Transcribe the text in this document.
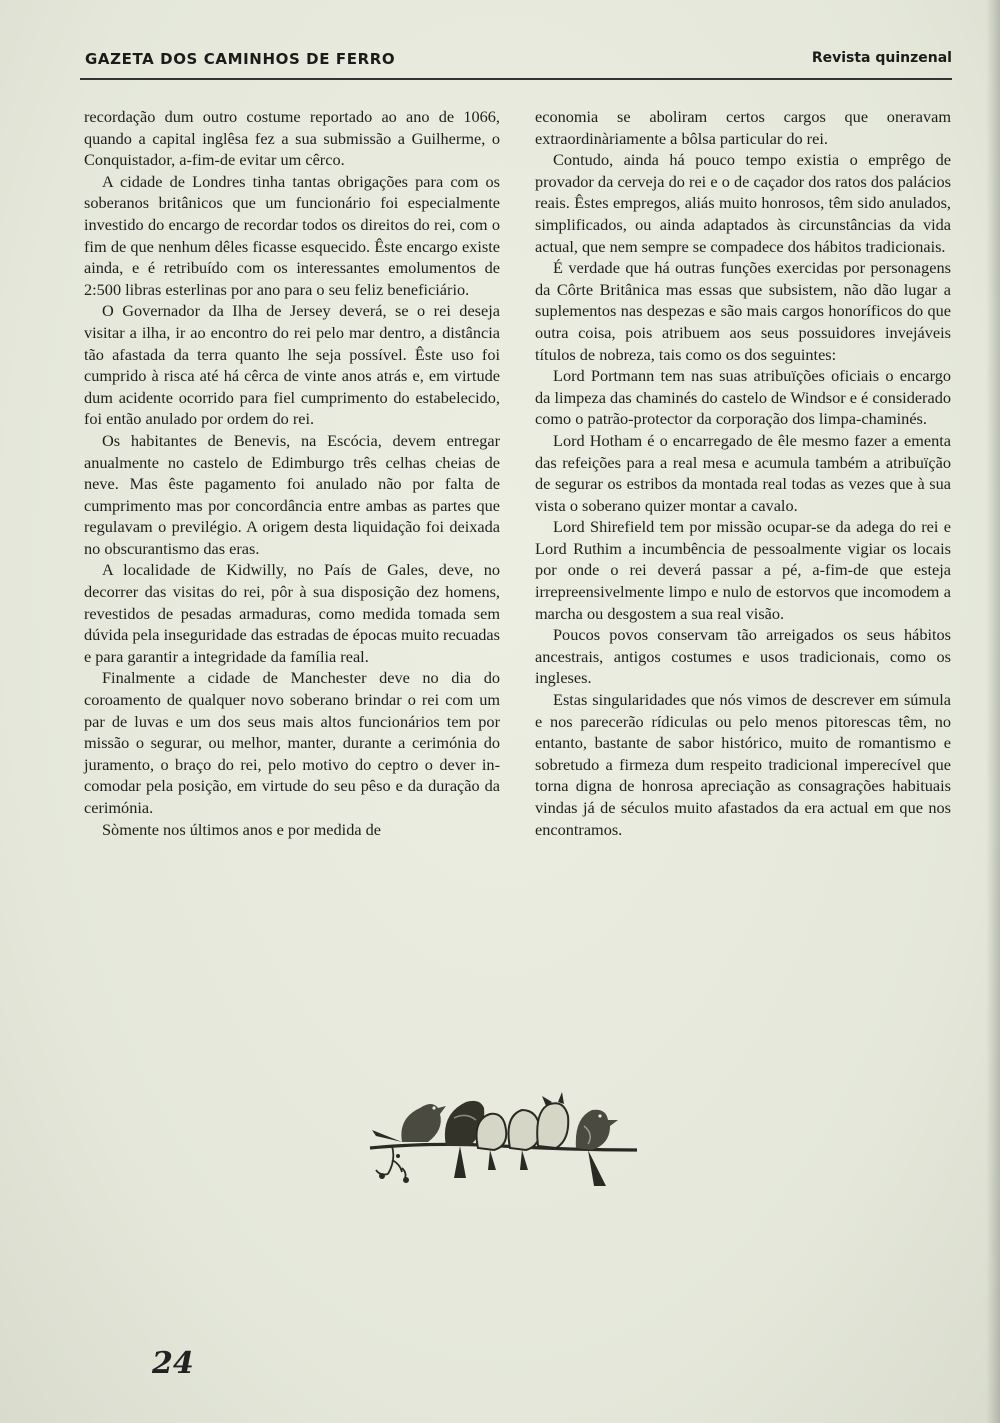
GAZETA DOS CAMINHOS DE FERRO	Revista quinzenal

recordação dum outro costume reportado ao ano de 1066, quando a capital inglêsa fez a sua submissão a Guilherme, o Conquistador, a-fim-de evitar um cêrco.

A cidade de Londres tinha tantas obrigações para com os soberanos britânicos que um funcionário foi especialmente investido do encargo de recordar todos os direitos do rei, com o fim de que nenhum dêles ficasse esquecido. Êste encargo existe ainda, e é retribuído com os interessantes emolumentos de 2:500 libras esterlinas por ano para o seu feliz beneficiário.

O Governador da Ilha de Jersey deverá, se o rei deseja visitar a ilha, ir ao encontro do rei pelo mar dentro, a distância tão afastada da terra quanto lhe seja possível. Êste uso foi cumprido à risca até há cêrca de vinte anos atrás e, em virtude dum acidente ocorrido para fiel cumprimento do estabelecido, foi então anulado por ordem do rei.

Os habitantes de Benevis, na Escócia, devem entregar anualmente no castelo de Edimburgo três celhas cheias de neve. Mas êste pagamento foi anulado não por falta de cumprimento mas por concordância entre ambas as partes que regulavam o previlégio. A origem desta liquidação foi deixada no obscurantismo das eras.

A localidade de Kidwilly, no País de Gales, deve, no decorrer das visitas do rei, pôr à sua disposição dez homens, revestidos de pesadas armaduras, como medida tomada sem dúvida pela inseguridade das estradas de épocas muito recuadas e para garantir a integridade da família real.

Finalmente a cidade de Manchester deve no dia do coroamento de qualquer novo soberano brindar o rei com um par de luvas e um dos seus mais altos funcionários tem por missão o segurar, ou melhor, manter, durante a cerimónia do juramento, o braço do rei, pelo motivo do ceptro o dever incomodar pela posição, em virtude do seu pêso e da duração da cerimónia.

Sòmente nos últimos anos e por medida de

economia se aboliram certos cargos que oneravam extraordinàriamente a bôlsa particular do rei.

Contudo, ainda há pouco tempo existia o emprêgo de provador da cerveja do rei e o de caçador dos ratos dos palácios reais. Êstes empregos, aliás muito honrosos, têm sido anulados, simplificados, ou ainda adaptados às circunstâncias da vida actual, que nem sempre se compadece dos hábitos tradicionais.

É verdade que há outras funções exercidas por personagens da Côrte Britânica mas essas que subsistem, não dão lugar a suplementos nas despezas e são mais cargos honoríficos do que outra coisa, pois atribuem aos seus possuidores invejáveis títulos de nobreza, tais como os dos seguintes:

Lord Portmann tem nas suas atribuïções oficiais o encargo da limpeza das chaminés do castelo de Windsor e é considerado como o patrão-protector da corporação dos limpa-chaminés.

Lord Hotham é o encarregado de êle mesmo fazer a ementa das refeições para a real mesa e acumula também a atribuïção de segurar os estribos da montada real todas as vezes que à sua vista o soberano quizer montar a cavalo.

Lord Shirefield tem por missão ocupar-se da adega do rei e Lord Ruthim a incumbência de pessoalmente vigiar os locais por onde o rei deverá passar a pé, a-fim-de que esteja irrepreensivelmente limpo e nulo de estorvos que incomodem a marcha ou desgostem a sua real visão.

Poucos povos conservam tão arreigados os seus hábitos ancestrais, antigos costumes e usos tradicionais, como os ingleses.

Estas singularidades que nós vimos de descrever em súmula e nos parecerão rídiculas ou pelo menos pitorescas têm, no entanto, bastante de sabor histórico, muito de romantismo e sobretudo a firmeza dum respeito tradicional imperecível que torna digna de honrosa apreciação as consagrações habituais vindas já de séculos muito afastados da era actual em que nos encontramos.

24
